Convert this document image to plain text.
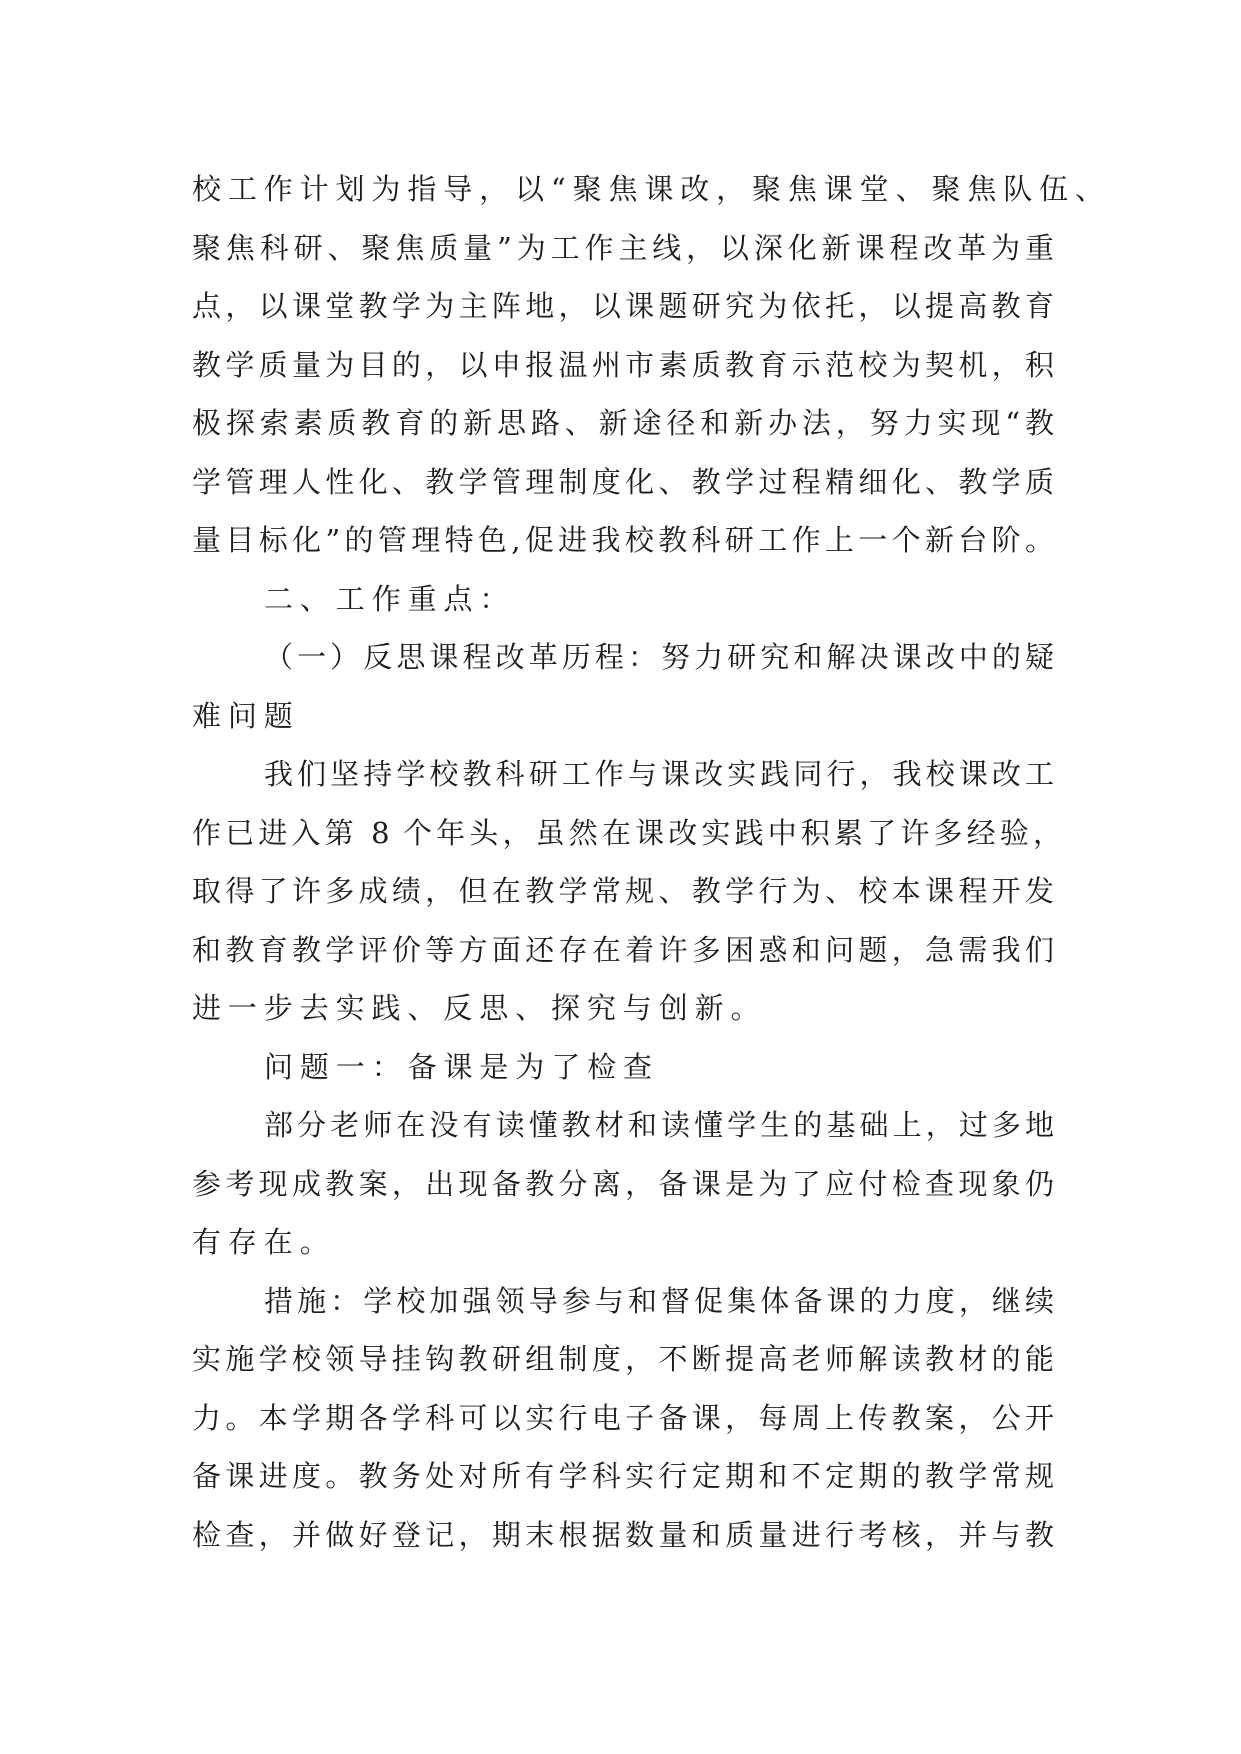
校工作计划为指导，以“聚焦课改，聚焦课堂、聚焦队伍、
聚焦科研、聚焦质量”为工作主线，以深化新课程改革为重
点，以课堂教学为主阵地，以课题研究为依托，以提高教育
教学质量为目的，以申报温州市素质教育示范校为契机，积
极探索素质教育的新思路、新途径和新办法，努力实现“教
学管理人性化、教学管理制度化、教学过程精细化、教学质
量目标化”的管理特色,促进我校教科研工作上一个新台阶。
二、工作重点：
（一）反思课程改革历程：努力研究和解决课改中的疑
难问题
我们坚持学校教科研工作与课改实践同行，我校课改工
作已进入第 8 个年头，虽然在课改实践中积累了许多经验，
取得了许多成绩，但在教学常规、教学行为、校本课程开发
和教育教学评价等方面还存在着许多困惑和问题，急需我们
进一步去实践、反思、探究与创新。
问题一：备课是为了检查
部分老师在没有读懂教材和读懂学生的基础上，过多地
参考现成教案，出现备教分离，备课是为了应付检查现象仍
有存在。
措施：学校加强领导参与和督促集体备课的力度，继续
实施学校领导挂钩教研组制度，不断提高老师解读教材的能
力。本学期各学科可以实行电子备课，每周上传教案，公开
备课进度。教务处对所有学科实行定期和不定期的教学常规
检查，并做好登记，期末根据数量和质量进行考核，并与教
